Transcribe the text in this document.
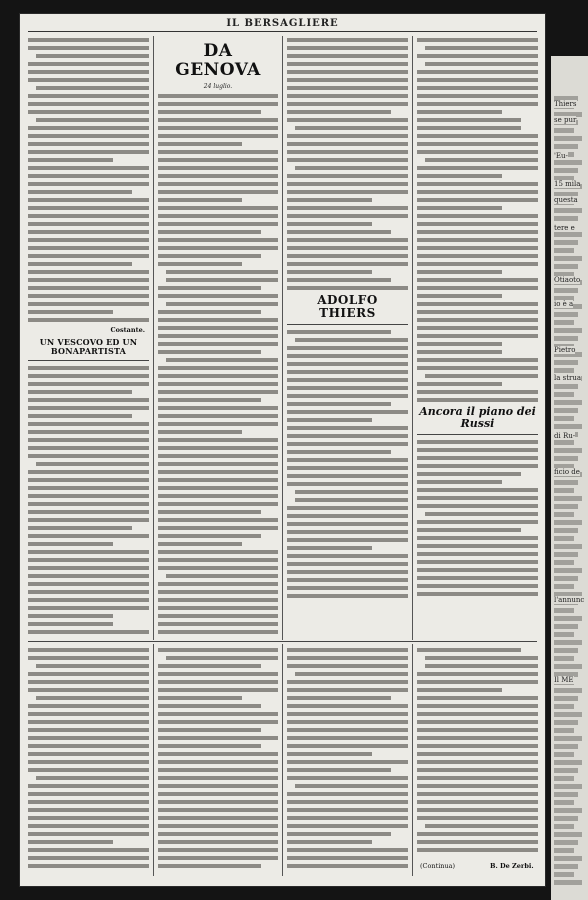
IL BERSAGLIERE
Costante.
UN VESCOVO ED UN BONAPARTISTA
DA GENOVA
24 luglio.
ADOLFO THIERS
Ancora il piano dei Russi
(Continua)	B. De Zerbi.
Thiers
se pur
'Eu-
15 mila
questa
tere e
Otiaoto
io è a
Pietro
la strua
di Ru-
ficio de
l'annunc
Il ME
